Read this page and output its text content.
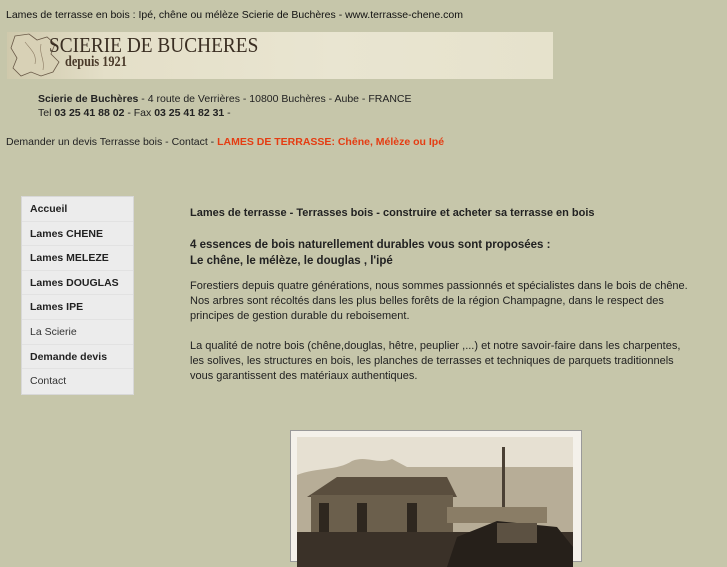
Lames de terrasse en bois : Ipé, chêne ou mélèze Scierie de Buchères - www.terrasse-chene.com
SCIERIE DE BUCHERES
depuis 1921
Scierie de Buchères - 4 route de Verrières - 10800 Buchères - Aube - FRANCE
Tel 03 25 41 88 02 - Fax 03 25 41 82 31 -
Demander un devis Terrasse bois - Contact - LAMES DE TERRASSE: Chêne, Mélèze ou Ipé
Accueil
Lames CHENE
Lames MELEZE
Lames DOUGLAS
Lames IPE
La Scierie
Demande devis
Contact
Lames de terrasse - Terrasses bois - construire et acheter sa terrasse en bois
4 essences de bois naturellement durables vous sont proposées :
Le chêne, le mélèze, le douglas , l'ipé

Forestiers depuis quatre générations, nous sommes passionnés et spécialistes dans le bois de chêne.

Nos arbres sont récoltés dans les plus belles forêts de la région Champagne, dans le respect des principes de gestion durable du reboisement.

La qualité de notre bois (chêne,douglas, hêtre, peuplier ,...) et notre savoir-faire dans les charpentes, les solives, les structures en bois, les planches de terrasses et techniques de parquets traditionnels vous garantissent des matériaux authentiques.
